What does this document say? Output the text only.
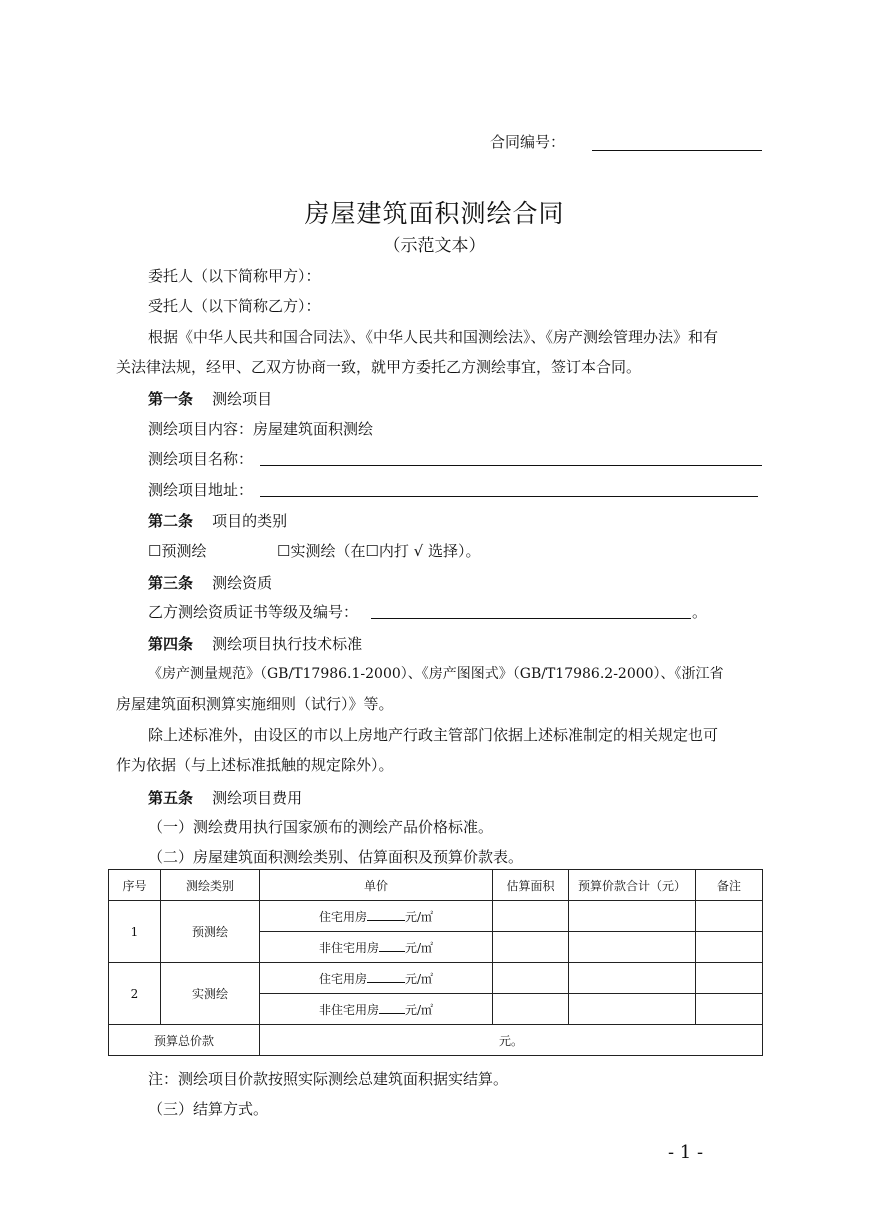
合同编号：
房屋建筑面积测绘合同
（示范文本）
委托人（以下简称甲方）：
受托人（以下简称乙方）：
根据《中华人民共和国合同法》、《中华人民共和国测绘法》、《房产测绘管理办法》和有
关法律法规，经甲、乙双方协商一致，就甲方委托乙方测绘事宜，签订本合同。
第一条 测绘项目
测绘项目内容：房屋建筑面积测绘
测绘项目名称：
测绘项目地址：
第二条 项目的类别
☐预测绘	☐实测绘（在☐内打 √ 选择）。
第三条 测绘资质
乙方测绘资质证书等级及编号：	。
第四条 测绘项目执行技术标准
《房产测量规范》（GB/T17986.1-2000）、《房产图图式》（GB/T17986.2-2000）、《浙江省
房屋建筑面积测算实施细则（试行）》等。
除上述标准外，由设区的市以上房地产行政主管部门依据上述标准制定的相关规定也可
作为依据（与上述标准抵触的规定除外）。
第五条 测绘项目费用
（一）测绘费用执行国家颁布的测绘产品价格标准。
（二）房屋建筑面积测绘类别、估算面积及预算价款表。
序号	测绘类别	单价	估算面积	预算价款合计（元）	备注
1	预测绘	住宅用房 元/㎡			
		非住宅用房 元/㎡			
2	实测绘	住宅用房 元/㎡			
		非住宅用房 元/㎡			
预算总价款		元。			
注：测绘项目价款按照实际测绘总建筑面积据实结算。
（三）结算方式。
- 1 -
